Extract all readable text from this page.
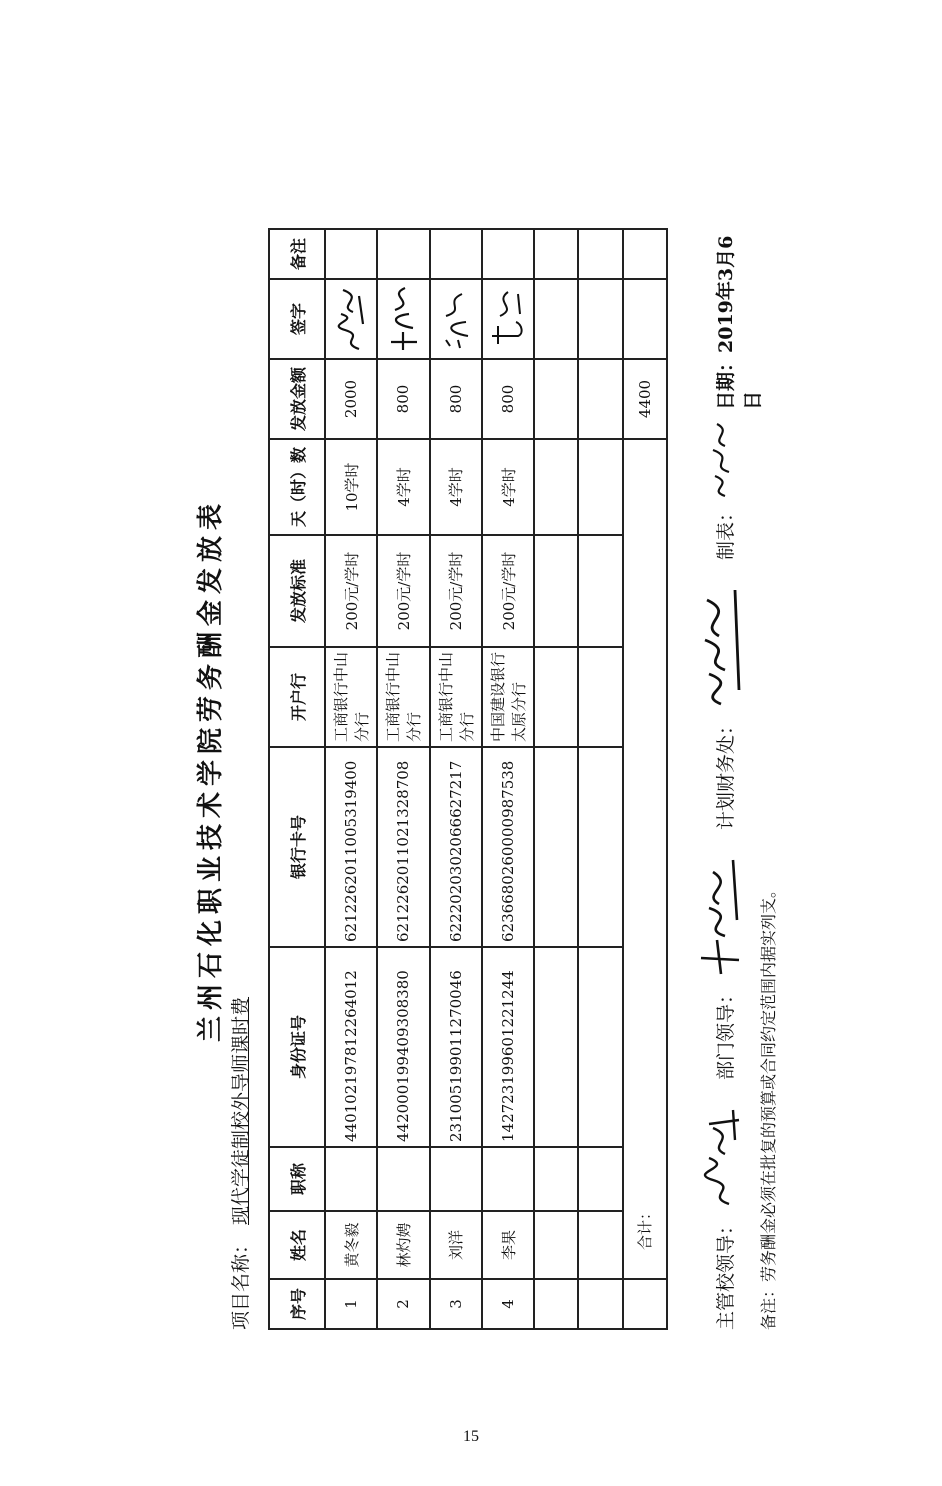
兰州石化职业技术学院劳务酬金发放表
项目名称：现代学徒制校外导师课时费
序号	姓名	职称	身份证号	银行卡号	开户行	发放标准	天（时）数	发放金额	签字	备注
1	黄冬毅		440102197812264012	6212262011005319400	工商银行中山分行	200元/学时	10学时	2000	

2	林灼娉		442000199409308380	6212262011021328708	工商银行中山分行	200元/学时	4学时	800	

3	刘洋		231005199011270046	6222020302066627217	工商银行中山分行	200元/学时	4学时	800	

4	李果		142723199601221244	6236680260000987538	中国建设银行太原分行	200元/学时	4学时	800	

	合计：							4400		
主管校领导：
部门领导：
计划财务处：
制表：
日期：2019年3月6日
备注：劳务酬金必须在批复的预算或合同约定范围内据实列支。
15
